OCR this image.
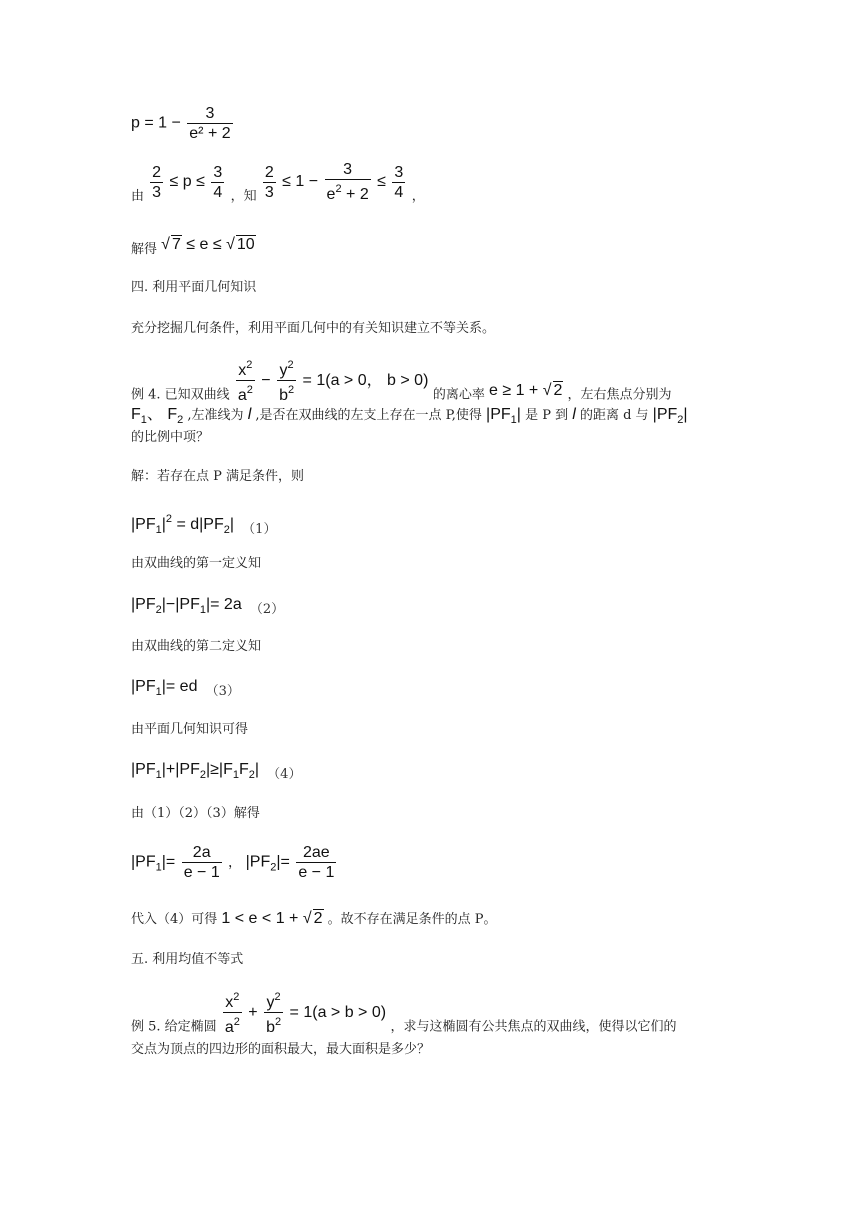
$p = 1 - \frac{3}{\text{e² + 2}}$
由 $\frac{2}{3} \le p \le \frac{3}{4}$ ，知 $\frac{2}{3} \le 1 - \frac{3}{e^2 + 2} \le \frac{3}{4}$ ，
解得 √ 7 ≤ e ≤ √ 10
四. 利用平面几何知识
充分挖掘几何条件，利用平面几何中的有关知识建立不等关系。
例 4. 已知双曲线 $\frac{x^2}{a^2} - \frac{y^2}{b^2} = 1(a > 0$， b > 0) 的离心率 e ≥ 1 + √ 2 ，左右焦点分别为
$F_1$、 $F_2$ ,左准线为 l ,是否在双曲线的左支上存在一点 P,使得 $|PF_1|$ 是 P 到 l 的距离 d 与 $|PF_2|$
的比例中项？
解：若存在点 P 满足条件，则
$|PF_1|^2 = d|PF_2|$ （1）
由双曲线的第一定义知
$|PF_2|-|PF_1|= 2a$ （2）
由双曲线的第二定义知
$|PF_1|=$ ed （3）
由平面几何知识可得
$|PF_1|+|PF_2|\ge|F_1F_2|$ （4）
由（1）（2）（3）解得
$|PF_1|= \frac{2a}{e - 1}$ ， $|PF_2|= \frac{2ae}{e - 1}$
代入（4）可得 1 < e < 1 + √ 2 。故不存在满足条件的点 P。
五. 利用均值不等式
例 5. 给定椭圆 $\frac{x^2}{a^2} + \frac{y^2}{b^2} = 1(a > b > 0)$ ，求与这椭圆有公共焦点的双曲线，使得以它们的
交点为顶点的四边形的面积最大，最大面积是多少？
